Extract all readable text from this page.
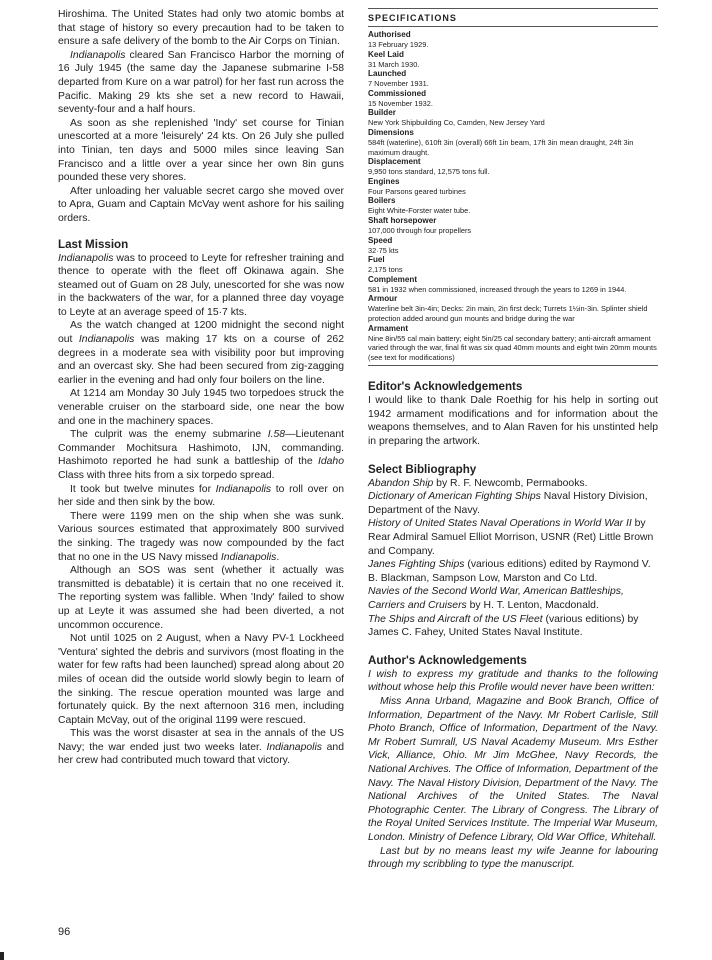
Hiroshima. The United States had only two atomic bombs at that stage of history so every precaution had to be taken to ensure a safe delivery of the bomb to the Air Corps on Tinian.

Indianapolis cleared San Francisco Harbor the morning of 16 July 1945 (the same day the Japanese submarine I-58 departed from Kure on a war patrol) for her fast run across the Pacific. Making 29 kts she set a new record to Hawaii, seventy-four and a half hours.

As soon as she replenished 'Indy' set course for Tinian unescorted at a more 'leisurely' 24 kts. On 26 July she pulled into Tinian, ten days and 5000 miles since leaving San Francisco and a little over a year since her own 8in guns pounded these very shores.

After unloading her valuable secret cargo she moved over to Apra, Guam and Captain McVay went ashore for his sailing orders.

Last Mission

Indianapolis was to proceed to Leyte for refresher training and thence to operate with the fleet off Okinawa again. She steamed out of Guam on 28 July, unescorted for she was now in the backwaters of the war, for a planned three day voyage to Leyte at an average speed of 15·7 kts.

As the watch changed at 1200 midnight the second night out Indianapolis was making 17 kts on a course of 262 degrees in a moderate sea with visibility poor but improving and an overcast sky. She had been secured from zig-zagging earlier in the evening and had only four boilers on the line.

At 1214 am Monday 30 July 1945 two torpedoes struck the venerable cruiser on the starboard side, one near the bow and one in the machinery spaces.

The culprit was the enemy submarine I.58—Lieutenant Commander Mochitsura Hashimoto, IJN, commanding. Hashimoto reported he had sunk a battleship of the Idaho Class with three hits from a six torpedo spread.

It took but twelve minutes for Indianapolis to roll over on her side and then sink by the bow.

There were 1199 men on the ship when she was sunk. Various sources estimated that approximately 800 survived the sinking. The tragedy was now compounded by the fact that no one in the US Navy missed Indianapolis.

Although an SOS was sent (whether it actually was transmitted is debatable) it is certain that no one received it. The reporting system was fallible. When 'Indy' failed to show up at Leyte it was assumed she had been diverted, a not uncommon occurence.

Not until 1025 on 2 August, when a Navy PV-1 Lockheed 'Ventura' sighted the debris and survivors (most floating in the water for few rafts had been launched) spread along about 20 miles of ocean did the outside world slowly begin to learn of the sinking. The rescue operation mounted was large and fortunately quick. By the next afternoon 316 men, including Captain McVay, out of the original 1199 were rescued.

This was the worst disaster at sea in the annals of the US Navy; the war ended just two weeks later. Indianapolis and her crew had contributed much toward that victory.

SPECIFICATIONS
Authorised
13 February 1929.
Keel Laid
31 March 1930.
Launched
7 November 1931.
Commissioned
15 November 1932.
Builder
New York Shipbuilding Co, Camden, New Jersey Yard
Dimensions
584ft (waterline), 610ft 3in (overall) 66ft 1in beam, 17ft 3in mean draught, 24ft 3in maximum draught.
Displacement
9,950 tons standard, 12,575 tons full.
Engines
Four Parsons geared turbines
Boilers
Eight White-Forster water tube.
Shaft horsepower
107,000 through four propellers
Speed
32·75 kts
Fuel
2,175 tons
Complement
581 in 1932 when commissioned, increased through the years to 1269 in 1944.
Armour
Waterline belt 3in-4in; Decks: 2in main, 2in first deck; Turrets 1½in-3in. Splinter shield protection added around gun mounts and bridge during the war
Armament
Nine 8in/55 cal main battery; eight 5in/25 cal secondary battery; anti-aircraft armament varied through the war, final fit was six quad 40mm mounts and eight twin 20mm mounts (see text for modifications)
Editor's Acknowledgements

I would like to thank Dale Roethig for his help in sorting out 1942 armament modifications and for information about the weapons themselves, and to Alan Raven for his unstinted help in preparing the artwork.

Select Bibliography

Abandon Ship by R. F. Newcomb, Permabooks.

Dictionary of American Fighting Ships Naval History Division, Department of the Navy.

History of United States Naval Operations in World War II by Rear Admiral Samuel Elliot Morrison, USNR (Ret) Little Brown and Company.

Janes Fighting Ships (various editions) edited by Raymond V. B. Blackman, Sampson Low, Marston and Co Ltd.

Navies of the Second World War, American Battleships, Carriers and Cruisers by H. T. Lenton, Macdonald.

The Ships and Aircraft of the US Fleet (various editions) by James C. Fahey, United States Naval Institute.

Author's Acknowledgements

I wish to express my gratitude and thanks to the following without whose help this Profile would never have been written:

Miss Anna Urband, Magazine and Book Branch, Office of Information, Department of the Navy. Mr Robert Carlisle, Still Photo Branch, Office of Information, Department of the Navy. Mr Robert Sumrall, US Naval Academy Museum. Mrs Esther Vick, Alliance, Ohio. Mr Jim McGhee, Navy Records, the National Archives. The Office of Information, Department of the Navy. The Naval History Division, Department of the Navy. The National Archives of the United States. The Naval Photographic Center. The Library of Congress. The Library of the Royal United Services Institute. The Imperial War Museum, London. Ministry of Defence Library, Old War Office, Whitehall.

Last but by no means least my wife Jeanne for labouring through my scribbling to type the manuscript.

96
